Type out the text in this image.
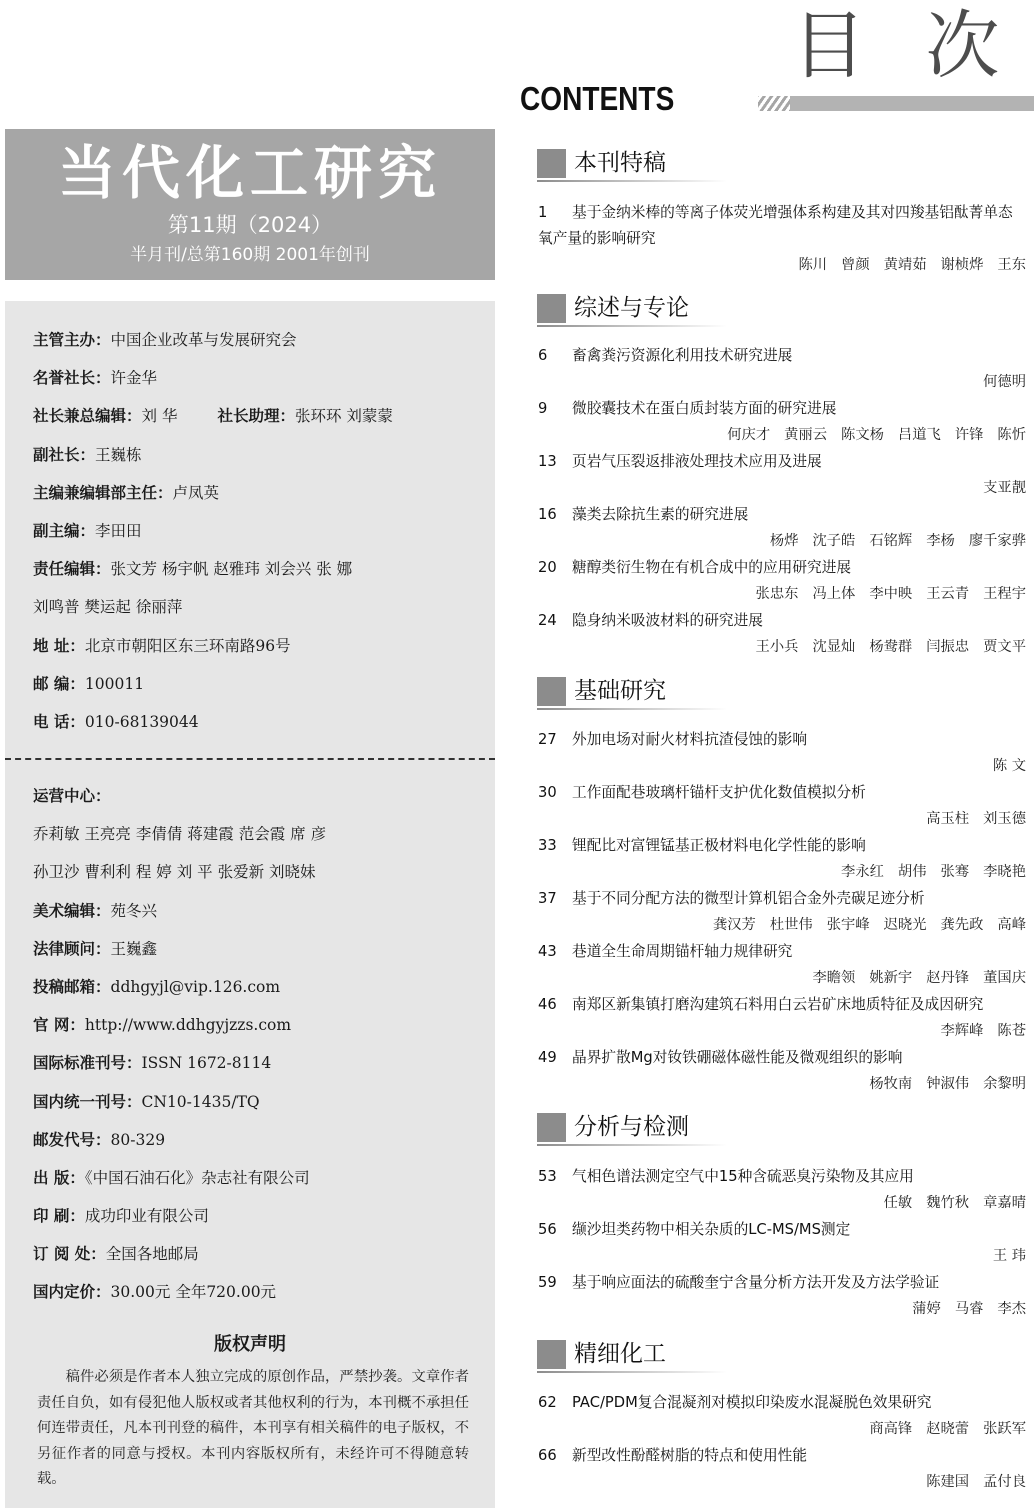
目 次
CONTENTS
当代化工研究
第11期（2024）
半月刊/总第160期 2001年创刊
主管主办：中国企业改革与发展研究会
名誉社长：许金华
社长兼总编辑：刘 华	社长助理：张环环 刘蒙蒙
副社长：王巍栋
主编兼编辑部主任：卢凤英
副主编：李田田
责任编辑：张文芳 杨宇帆 赵雅玮 刘会兴 张 娜
刘鸣普 樊运起 徐丽萍
地 址：北京市朝阳区东三环南路96号
邮 编：100011
电 话：010-68139044
运营中心：
乔莉敏 王亮亮 李倩倩 蒋建霞 范会霞 席 彦
孙卫沙 曹利利 程 婷 刘 平 张爱新 刘晓妹
美术编辑：苑冬兴
法律顾问：王巍鑫
投稿邮箱：ddhgyjl@vip.126.com
官 网：http://www.ddhgyjzzs.com
国际标准刊号：ISSN 1672-8114
国内统一刊号：CN10-1435/TQ
邮发代号：80-329
出 版：《中国石油石化》杂志社有限公司
印 刷：成功印业有限公司
订 阅 处：全国各地邮局
国内定价：30.00元 全年720.00元
版权声明
稿件必须是作者本人独立完成的原创作品，严禁抄袭。文章作者责任自负，如有侵犯他人版权或者其他权利的行为，本刊概不承担任何连带责任，凡本刊刊登的稿件，本刊享有相关稿件的电子版权，不另征作者的同意与授权。本刊内容版权所有，未经许可不得随意转载。
本刊特稿
1 基于金纳米棒的等离子体荧光增强体系构建及其对四羧基铝酞菁单态氧产量的影响研究
陈川 曾颜 黄靖茹 谢桢烨 王东
综述与专论
6 畜禽粪污资源化利用技术研究进展
何德明
9 微胶囊技术在蛋白质封装方面的研究进展
何庆才 黄丽云 陈文杨 吕道飞 许锋 陈忻
13 页岩气压裂返排液处理技术应用及进展
支亚靓
16 藻类去除抗生素的研究进展
杨烨 沈子皓 石铭辉 李杨 廖千家骅
20 糖醇类衍生物在有机合成中的应用研究进展
张忠东 冯上体 李中映 王云青 王程宇
24 隐身纳米吸波材料的研究进展
王小兵 沈显灿 杨鸯群 闫振忠 贾文平
基础研究
27 外加电场对耐火材料抗渣侵蚀的影响
陈 文
30 工作面配巷玻璃杆锚杆支护优化数值模拟分析
高玉柱 刘玉德
33 锂配比对富锂锰基正极材料电化学性能的影响
李永红 胡伟 张骞 李晓艳
37 基于不同分配方法的微型计算机铝合金外壳碳足迹分析
龚汉芳 杜世伟 张宇峰 迟晓光 龚先政 高峰
43 巷道全生命周期锚杆轴力规律研究
李瞻领 姚新宇 赵丹锋 董国庆
46 南郑区新集镇打磨沟建筑石料用白云岩矿床地质特征及成因研究
李辉峰 陈苍
49 晶界扩散Mg对钕铁硼磁体磁性能及微观组织的影响
杨牧南 钟淑伟 余黎明
分析与检测
53 气相色谱法测定空气中15种含硫恶臭污染物及其应用
任敏 魏竹秋 章嘉晴
56 缬沙坦类药物中相关杂质的LC-MS/MS测定
王 玮
59 基于响应面法的硫酸奎宁含量分析方法开发及方法学验证
蒲婷 马睿 李杰
精细化工
62 PAC/PDM复合混凝剂对模拟印染废水混凝脱色效果研究
商高锋 赵晓蕾 张跃军
66 新型改性酚醛树脂的特点和使用性能
陈建国 孟付良
